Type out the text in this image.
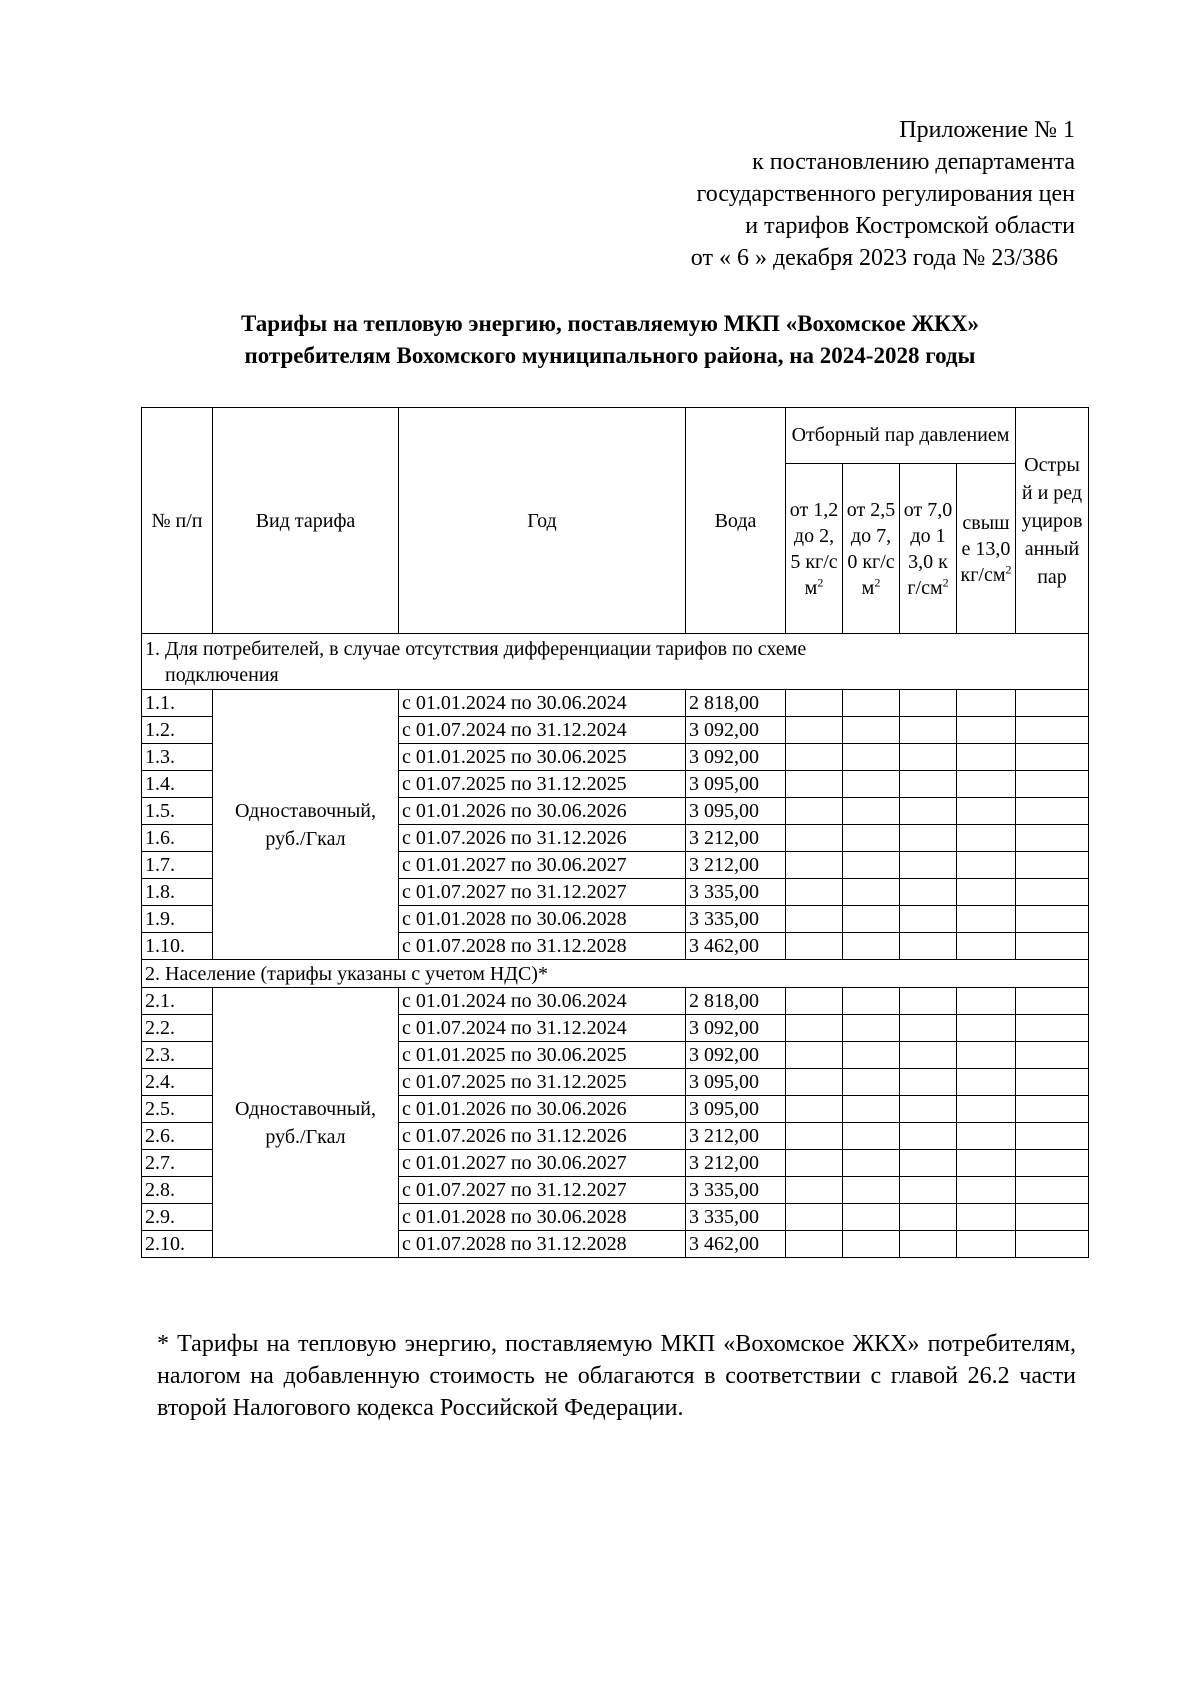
Приложение № 1
к постановлению департамента
государственного регулирования цен
и тарифов Костромской области
от « 6 » декабря 2023 года № 23/386
Тарифы на тепловую энергию, поставляемую МКП «Вохомское ЖКХ»
потребителям Вохомского муниципального района, на 2024-2028 годы
№ п/п	Вид тарифа	Год	Вода	Отборный пар давлением				Острый и редуцированный пар
				от 1,2 до 2,5 $кг/см^2$	от 2,5 до 7,0 $кг/см^2$	от 7,0 до 13,0 $кг/см^2$	свыше 13,0 $кг/см^2$
1. Для потребителей, в случае отсутствия дифференциации тарифов по схеме
подключения								
1.1.	Одноставочный, руб./Гкал	с 01.01.2024 по 30.06.2024	2 818,00					
1.2.		с 01.07.2024 по 31.12.2024	3 092,00					
1.3.		с 01.01.2025 по 30.06.2025	3 092,00					
1.4.		с 01.07.2025 по 31.12.2025	3 095,00					
1.5.		с 01.01.2026 по 30.06.2026	3 095,00					
1.6.		с 01.07.2026 по 31.12.2026	3 212,00					
1.7.		с 01.01.2027 по 30.06.2027	3 212,00					
1.8.		с 01.07.2027 по 31.12.2027	3 335,00					
1.9.		с 01.01.2028 по 30.06.2028	3 335,00					
1.10.		с 01.07.2028 по 31.12.2028	3 462,00					
2. Население (тарифы указаны с учетом НДС)*								
2.1.	Одноставочный, руб./Гкал	с 01.01.2024 по 30.06.2024	2 818,00					
2.2.		с 01.07.2024 по 31.12.2024	3 092,00					
2.3.		с 01.01.2025 по 30.06.2025	3 092,00					
2.4.		с 01.07.2025 по 31.12.2025	3 095,00					
2.5.		с 01.01.2026 по 30.06.2026	3 095,00					
2.6.		с 01.07.2026 по 31.12.2026	3 212,00					
2.7.		с 01.01.2027 по 30.06.2027	3 212,00					
2.8.		с 01.07.2027 по 31.12.2027	3 335,00					
2.9.		с 01.01.2028 по 30.06.2028	3 335,00					
2.10.		с 01.07.2028 по 31.12.2028	3 462,00					
* Тарифы на тепловую энергию, поставляемую МКП «Вохомское ЖКХ» потребителям, налогом на добавленную стоимость не облагаются в соответствии с главой 26.2 части второй Налогового кодекса Российской Федерации.
